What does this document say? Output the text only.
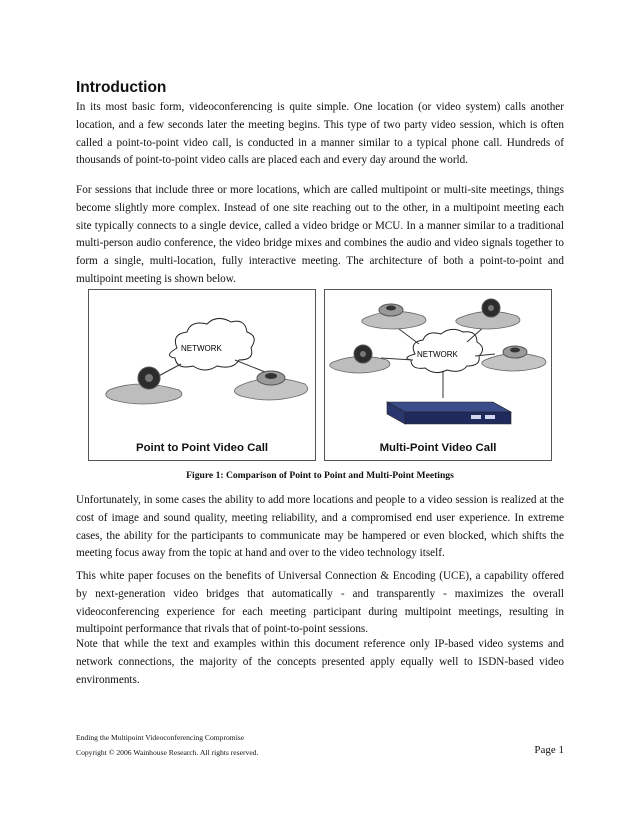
Introduction

In its most basic form, videoconferencing is quite simple. One location (or video system) calls another location, and a few seconds later the meeting begins. This type of two party video session, which is often called a point-to-point video call, is conducted in a manner similar to a typical phone call. Hundreds of thousands of point-to-point video calls are placed each and every day around the world.

For sessions that include three or more locations, which are called multipoint or multi-site meetings, things become slightly more complex. Instead of one site reaching out to the other, in a multipoint meeting each site typically connects to a single device, called a video bridge or MCU. In a manner similar to a traditional multi-person audio conference, the video bridge mixes and combines the audio and video signals together to form a single, multi-location, fully interactive meeting. The architecture of both a point-to-point and multipoint meeting is shown below.

NETWORK
Point to Point Video Call
NETWORK
Multi-Point Video Call
Figure 1: Comparison of Point to Point and Multi-Point Meetings

Unfortunately, in some cases the ability to add more locations and people to a video session is realized at the cost of image and sound quality, meeting reliability, and a compromised end user experience. In extreme cases, the ability for the participants to communicate may be hampered or even blocked, which shifts the meeting focus away from the topic at hand and over to the video technology itself.

This white paper focuses on the benefits of Universal Connection & Encoding (UCE), a capability offered by next-generation video bridges that automatically - and transparently - maximizes the overall videoconferencing experience for each meeting participant during multipoint meetings, resulting in multipoint performance that rivals that of point-to-point sessions.

Note that while the text and examples within this document reference only IP-based video systems and network connections, the majority of the concepts presented apply equally well to ISDN-based video environments.

Ending the Multipoint Videoconferencing Compromise
Copyright © 2006 Wainhouse Research. All rights reserved.	Page 1
